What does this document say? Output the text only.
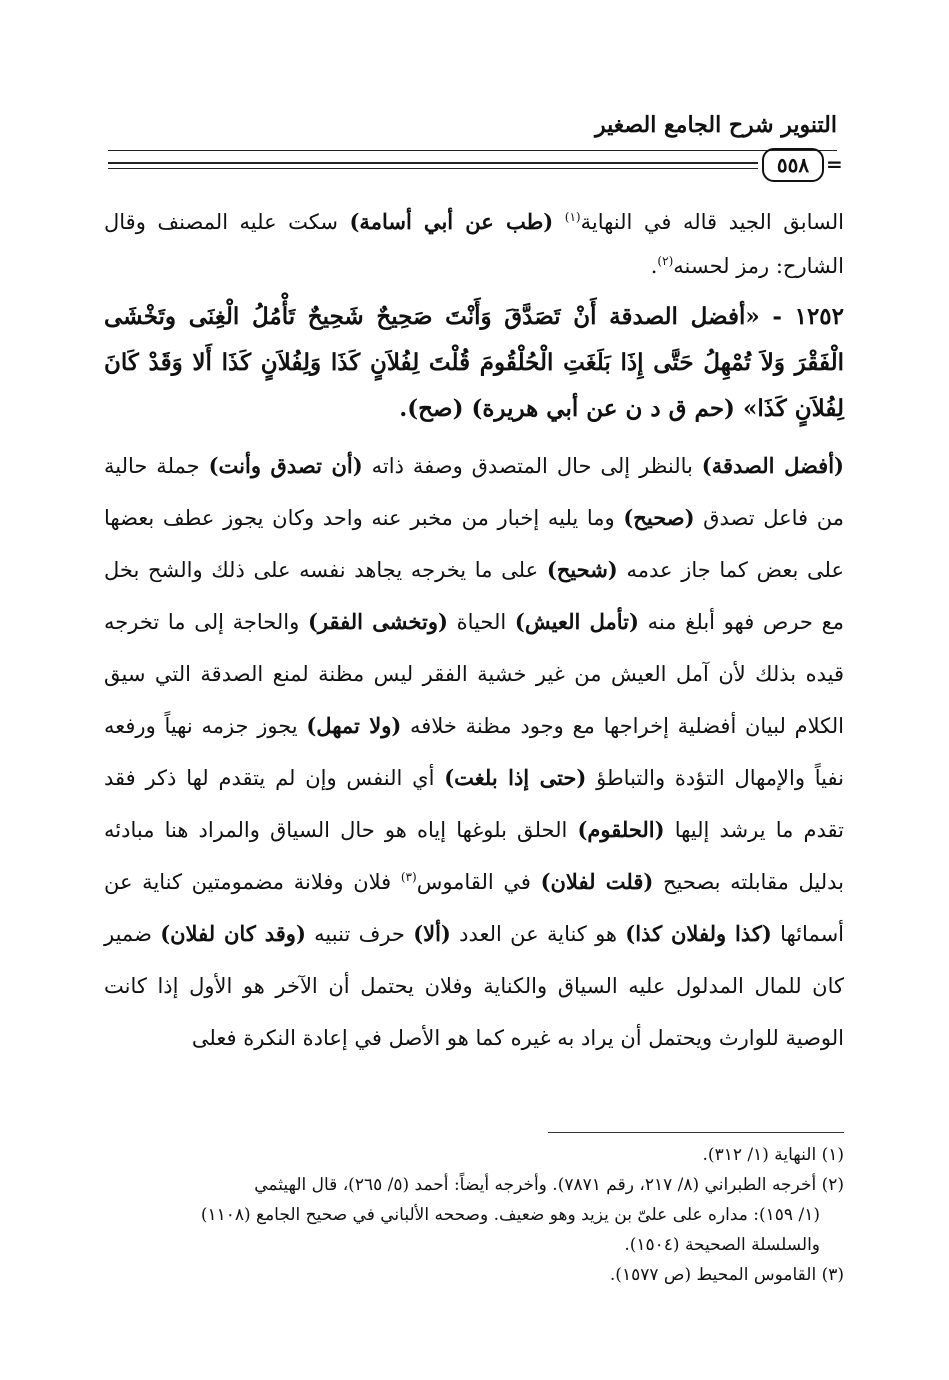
التنوير شرح الجامع الصغير
٥٥٨ =

السابق الجيد قاله في النهاية$^{(١)}$ (طب عن أبي أسامة) سكت عليه المصنف وقال الشارح: رمز لحسنه$^{(٢)}$.

١٢٥٢ - «أفضل الصدقة أَنْ تَصَدَّقَ وَأَنْتَ صَحِيحٌ شَحِيحٌ تَأْمُلُ الْغِنَى وتَخْشَى الْفَقْرَ وَلاَ تُمْهِلُ حَتَّى إِذَا بَلَغَتِ الْحُلْقُومَ قُلْتَ لِفُلاَنٍ كَذَا وَلِفُلاَنٍ كَذَا أَلا وَقَدْ كَانَ لِفُلاَنٍ كَذَا» (حم ق د ن عن أبي هريرة) (صح).

(أفضل الصدقة) بالنظر إلى حال المتصدق وصفة ذاته (أن تصدق وأنت) جملة حالية من فاعل تصدق (صحيح) وما يليه إخبار من مخبر عنه واحد وكان يجوز عطف بعضها على بعض كما جاز عدمه (شحيح) على ما يخرجه يجاهد نفسه على ذلك والشح بخل مع حرص فهو أبلغ منه (تأمل العيش) الحياة (وتخشى الفقر) والحاجة إلى ما تخرجه قيده بذلك لأن آمل العيش من غير خشية الفقر ليس مظنة لمنع الصدقة التي سيق الكلام لبيان أفضلية إخراجها مع وجود مظنة خلافه (ولا تمهل) يجوز جزمه نهياً ورفعه نفياً والإمهال التؤدة والتباطؤ (حتى إذا بلغت) أي النفس وإن لم يتقدم لها ذكر فقد تقدم ما يرشد إليها (الحلقوم) الحلق بلوغها إياه هو حال السياق والمراد هنا مبادئه بدليل مقابلته بصحيح (قلت لفلان) في القاموس$^{(٣)}$ فلان وفلانة مضمومتين كناية عن أسمائها (كذا ولفلان كذا) هو كناية عن العدد (ألا) حرف تنبيه (وقد كان لفلان) ضمير كان للمال المدلول عليه السياق والكناية وفلان يحتمل أن الآخر هو الأول إذا كانت الوصية للوارث ويحتمل أن يراد به غيره كما هو الأصل في إعادة النكرة فعلى

(١) النهاية (١/ ٣١٢).

(٢) أخرجه الطبراني (٨/ ٢١٧، رقم ٧٨٧١). وأخرجه أيضاً: أحمد (٥/ ٢٦٥)، قال الهيثمي

(١/ ١٥٩): مداره على علىّ بن يزيد وهو ضعيف. وصححه الألباني في صحيح الجامع (١١٠٨)

والسلسلة الصحيحة (١٥٠٤).

(٣) القاموس المحيط (ص ١٥٧٧).
